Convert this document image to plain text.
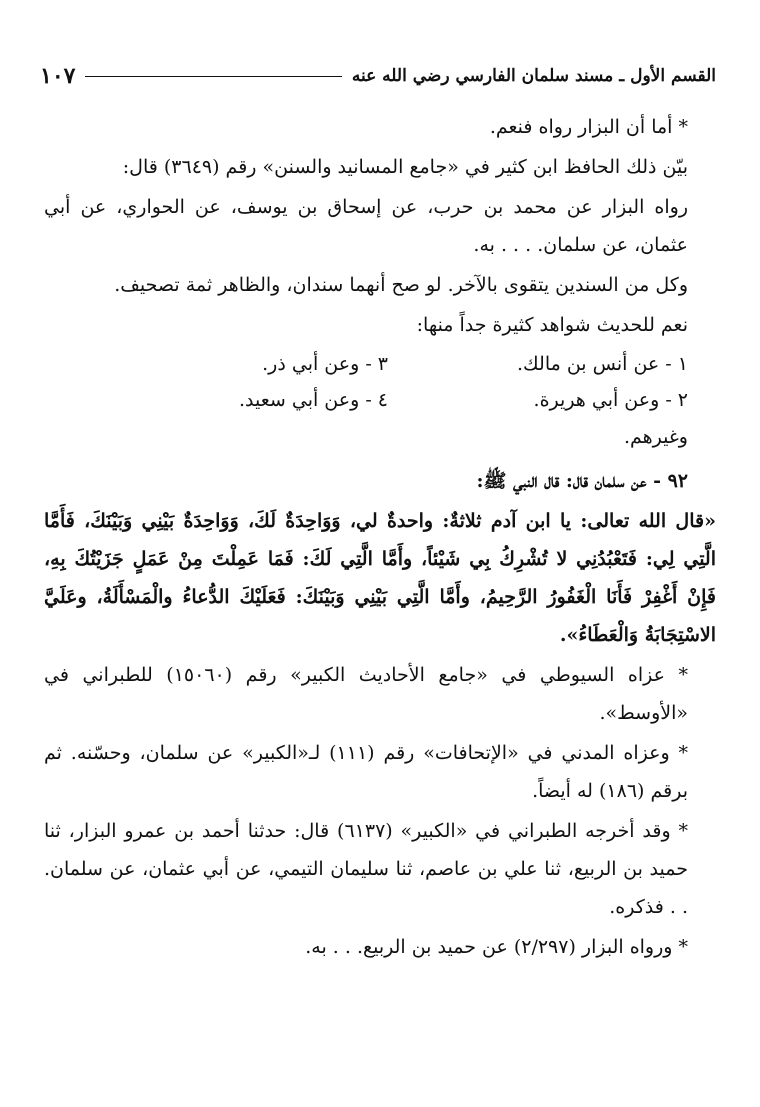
القسم الأول ـ مسند سلمان الفارسي رضي الله عنه
١٠٧

* أما أن البزار رواه فنعم.

بيّن ذلك الحافظ ابن كثير في «جامع المسانيد والسنن» رقم (٣٦٤٩) قال:

رواه البزار عن محمد بن حرب، عن إسحاق بن يوسف، عن الحواري، عن أبي عثمان، عن سلمان. . . . به.

وكل من السندين يتقوى بالآخر. لو صح أنهما سندان، والظاهر ثمة تصحيف.

نعم للحديث شواهد كثيرة جداً منها:

١ - عن أنس بن مالك.
٣ - وعن أبي ذر.
٢ - وعن أبي هريرة.
٤ - وعن أبي سعيد.

وغيرهم.

٩٢ - عن سلمان قال: قال النبي ﷺ:

«قال الله تعالى: يا ابن آدم ثلاثةٌ: واحدةٌ لي، وَوَاحِدَةٌ لَكَ، وَوَاحِدَةٌ بَيْنِي وَبَيْنَكَ، فَأَمَّا الَّتِي لِي: فَتَعْبُدُنِي لا تُشْرِكُ بِي شَيْئاً، وأَمَّا الَّتِي لَكَ: فَمَا عَمِلْتَ مِنْ عَمَلٍ جَزَيْتُكَ بِهِ، فَإِنْ أَغْفِرْ فَأَنَا الْغَفُورُ الرَّحِيمُ، وأَمَّا الَّتِي بَيْنِي وَبَيْنَكَ: فَعَلَيْكَ الدُّعاءُ والْمَسْأَلَةُ، وعَلَيَّ الاسْتِجَابَةُ وَالْعَطَاءُ».

* عزاه السيوطي في «جامع الأحاديث الكبير» رقم (١٥٠٦٠) للطبراني في «الأوسط».

* وعزاه المدني في «الإتحافات» رقم (١١١) لـ«الكبير» عن سلمان، وحسّنه. ثم برقم (١٨٦) له أيضاً.

* وقد أخرجه الطبراني في «الكبير» (٦١٣٧) قال: حدثنا أحمد بن عمرو البزار، ثنا حميد بن الربيع، ثنا علي بن عاصم، ثنا سليمان التيمي، عن أبي عثمان، عن سلمان. . . فذكره.

* ورواه البزار (٢/٢٩٧) عن حميد بن الربيع. . . به.
